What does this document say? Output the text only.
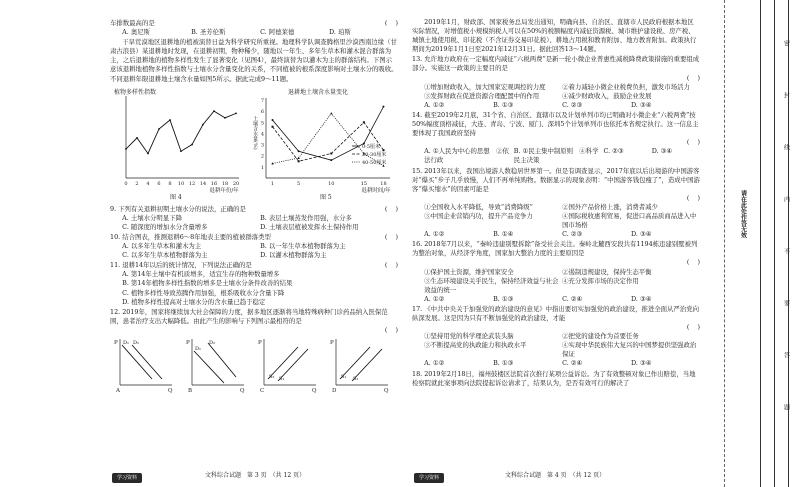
车排数最高的是	(    )
A. 奥尼斯	B. 圣芳伦斯	C. 阿德莱德	D. 珀斯

干旱荒漠地区退耕地的植被演替日益为科学研究所重视。地理科学队调查腾格里沙漠西南边缘（甘肃古浪县）某退耕地时发现，在退耕初期，物种稀少，随地以一年生、多年生草本和灌木混合群落为主，之后退耕地的植物多样性发生了显著变化（见图4），最终演替为以灌木为主的群落结构。下图示意该退耕地植物多样性指数与土壤水分含量变化的关系，不同植被的根系深度影响对土壤水分的吸收。不同退耕年限退耕地土壤含水量如图5所示。据此完成9～11题。

植物多样性指数
0 2 4 6 8 10 12 14 16 18 20
退耕年份/年
退耕地土壤含水量变化
土壤含水量(%)
1
2
3
4
5
6
7
1	5	10	15	18
退耕时间/年
0-5厘米
20-30厘米
40-50厘米
图 4	图 5
9. 下列有关退耕初期土壤水分的说法，正确的是	(    )
A. 土壤水分明显下降	B. 表层土壤蒸发作用强，水分多
C. 随深度的增加水分含量增多	D. 土壤表层植被发挥水土保持作用
10. 结合图表，推测退耕6～8年地表主要的植被群落类型	(    )
A. 以多年生草本和灌木为主	B. 以一年生草本植物群落为主
C. 以多年生草本植物群落为主	D. 以灌木植物群落为主
11. 退耕14年以后的统计情况，下列说法正确的是	(    )

A. 第14年土壤中有机质增多，适宜生存的物种数量增多

B. 第14年植物多样性指数的增多是土壤水分条件改善的结果

C. 植物多样性导致蒸腾作用加强，根系吸收水分含量下降

D. 植物多样性提高对土壤水分的含水量已趋于稳定

12. 2019年，国家将继续加大社会保障的力度，据多地区逐渐将当地特殊病种门诊药品纳入医保范围，患者治疗支出大幅降低。由此产生的影响与下列图示最相符的是

(    )
P
Q
A
D₁ D₂	P
Q
B
D₁
D₂	P
Q
C
S₂ S₁
P
Q
D
S₁ S₂
学习资料	文科综合试题　第 3 页　（共 12 页）

2019年1月，财政部、国家税务总局发出通知，明确向县、自治区、直辖市人民政府根据本地区实际情况，对增值税小规模纳税人可以在50%的税额幅度内减征资源税、城市维护建设税、房产税、城镇土地使用税、印花税（不含证券交易印花税）、耕地占用税和教育附加、地方教育附加。政策执行期间为2019年1月1日至2021年12月31日。据此回答13～14题。

13. 允许地方政府在一定幅度内减征“六税两费”是新一轮小微企业普惠性减税降费政策措施的重要组成部分。实施这一政策的主要目的是

(    )
①增加财政收入，加大国家宏观调控的力度	②着力减轻小微企业税费负担，激发市场活力
③发挥财政在促进资源合理配置中的作用	④减少财政收入，鼓励企业发展
A. ①②	B. ①③	C. ②③	D. ③④

14. 截至2019年2月底，31个省、自治区、直辖市以及计划单列市均已明确对小微企业“六税两费”按50%幅度顶格减征，大连、青岛、宁波、厦门、深圳5个计划单列市也依托本省规定执行。这一信息主要体现了我国政府坚持

(    )
A. ①人民为中心的思想　②依法行政
B. ①民主集中制原则　④科学民主决策
C. ②③	D. ③④

15. 2013年以来，我国出境游人数稳居世界第一。但是有调查显示，2017年底以后出境游的中国游客对“爆买”步子几乎放慢，人们不再单纯购物。数据显示的现象表明：“中国游客钱包瘦了”，造成中国游客“爆买缩水”的因素可能是

(    )
①全国收入水平降低，导致“消费降级”	②国外产品价格上涨，消费者减少
③中国企业营销内功，提升产品竞争力	④国际税收惠利贸易，促进口高品质商品进入中国市场格
A. ①②	B. ①④	C. ②③	D. ③④

16. 2018年7月以来，“秦岭违建别墅拆除”备受社会关注。秦岭北麓西安段共有1194栋违建别墅被列为整治对象，从经济学角度，国家加大整治力度的主要原因是

(    )
①保护国土资源，维护国家安全	②遏制违规建设，保持生态平衡
③生态环境建设关乎民生，保持经济效益与社会效益的统一
④充分发挥市场的决定作用
A. ①②	B. ①③	C. ②④	D. ③④

17. 《中共中央关于加强党的政治建设的意见》中指出要切实加强党的政治建设，推进全面从严治党向纵深发展。这是因为只有不断加强党的政治建设，才能

(    )
①坚持用党的科学理论武装头脑	②把党的建设作为首要任务
③不断提高党的执政能力和执政水平	④实现中华民族伟大复兴的中国梦提供坚强政治保证
A. ①②	B. ①③	C. ②④	D. ③④

18. 2019年2月18日，福州鼓楼区法院首次推行某项公益诉讼。为了有效整顿对象已作出赔偿，当地检察院就此案事项向法院提起诉讼请求了，结果认为，是否有效可行的解决了

学习资料	文科综合试题　第 4 页　（共 12 页）
请在此处作答无效
密
封
线
内
不
要
答
题
